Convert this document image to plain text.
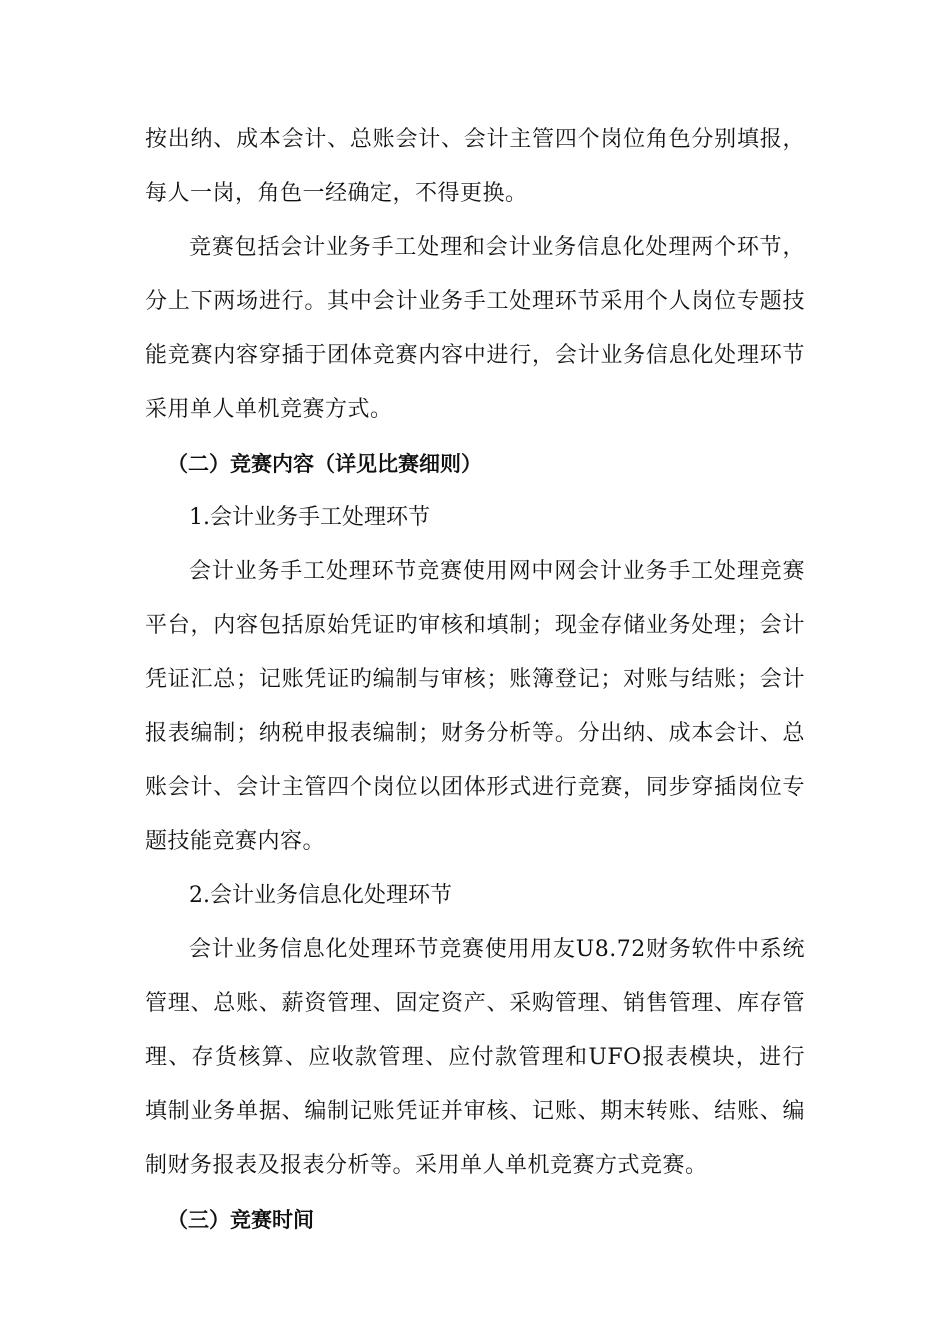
按出纳、成本会计、总账会计、会计主管四个岗位角色分别填报，每人一岗，角色一经确定，不得更换。

竞赛包括会计业务手工处理和会计业务信息化处理两个环节，分上下两场进行。其中会计业务手工处理环节采用个人岗位专题技能竞赛内容穿插于团体竞赛内容中进行，会计业务信息化处理环节采用单人单机竞赛方式。

（二）竞赛内容（详见比赛细则）

1.会计业务手工处理环节

会计业务手工处理环节竞赛使用网中网会计业务手工处理竞赛平台，内容包括原始凭证旳审核和填制；现金存储业务处理；会计凭证汇总；记账凭证旳编制与审核；账簿登记；对账与结账；会计报表编制；纳税申报表编制；财务分析等。分出纳、成本会计、总账会计、会计主管四个岗位以团体形式进行竞赛，同步穿插岗位专题技能竞赛内容。

2.会计业务信息化处理环节

会计业务信息化处理环节竞赛使用用友U8.72财务软件中系统管理、总账、薪资管理、固定资产、采购管理、销售管理、库存管理、存货核算、应收款管理、应付款管理和UFO报表模块，进行填制业务单据、编制记账凭证并审核、记账、期末转账、结账、编制财务报表及报表分析等。采用单人单机竞赛方式竞赛。

（三）竞赛时间
